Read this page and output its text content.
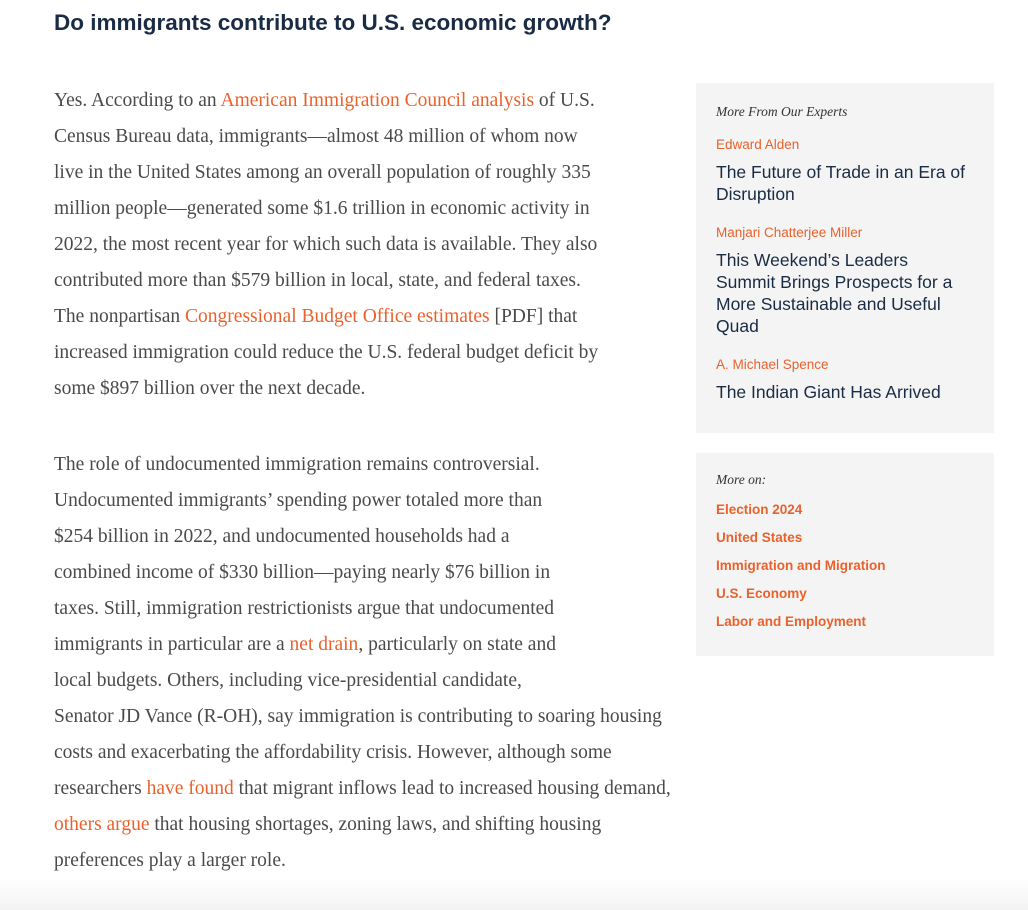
Do immigrants contribute to U.S. economic growth?
Yes. According to an American Immigration Council analysis of U.S.
Census Bureau data, immigrants—almost 48 million of whom now
live in the United States among an overall population of roughly 335
million people—generated some $1.6 trillion in economic activity in
2022, the most recent year for which such data is available. They also
contributed more than $579 billion in local, state, and federal taxes.
The nonpartisan Congressional Budget Office estimates [PDF] that
increased immigration could reduce the U.S. federal budget deficit by
some $897 billion over the next decade.
The role of undocumented immigration remains controversial.
Undocumented immigrants’ spending power totaled more than
$254 billion in 2022, and undocumented households had a
combined income of $330 billion—paying nearly $76 billion in
taxes. Still, immigration restrictionists argue that undocumented
immigrants in particular are a net drain, particularly on state and
local budgets. Others, including vice-presidential candidate,
Senator JD Vance (R-OH), say immigration is contributing to soaring housing
costs and exacerbating the affordability crisis. However, although some
researchers have found that migrant inflows lead to increased housing demand,
others argue that housing shortages, zoning laws, and shifting housing
preferences play a larger role.
More From Our Experts
Edward Alden
The Future of Trade in an Era of
Disruption
Manjari Chatterjee Miller
This Weekend’s Leaders
Summit Brings Prospects for a
More Sustainable and Useful
Quad
A. Michael Spence
The Indian Giant Has Arrived
More on:
Election 2024
United States
Immigration and Migration
U.S. Economy
Labor and Employment
